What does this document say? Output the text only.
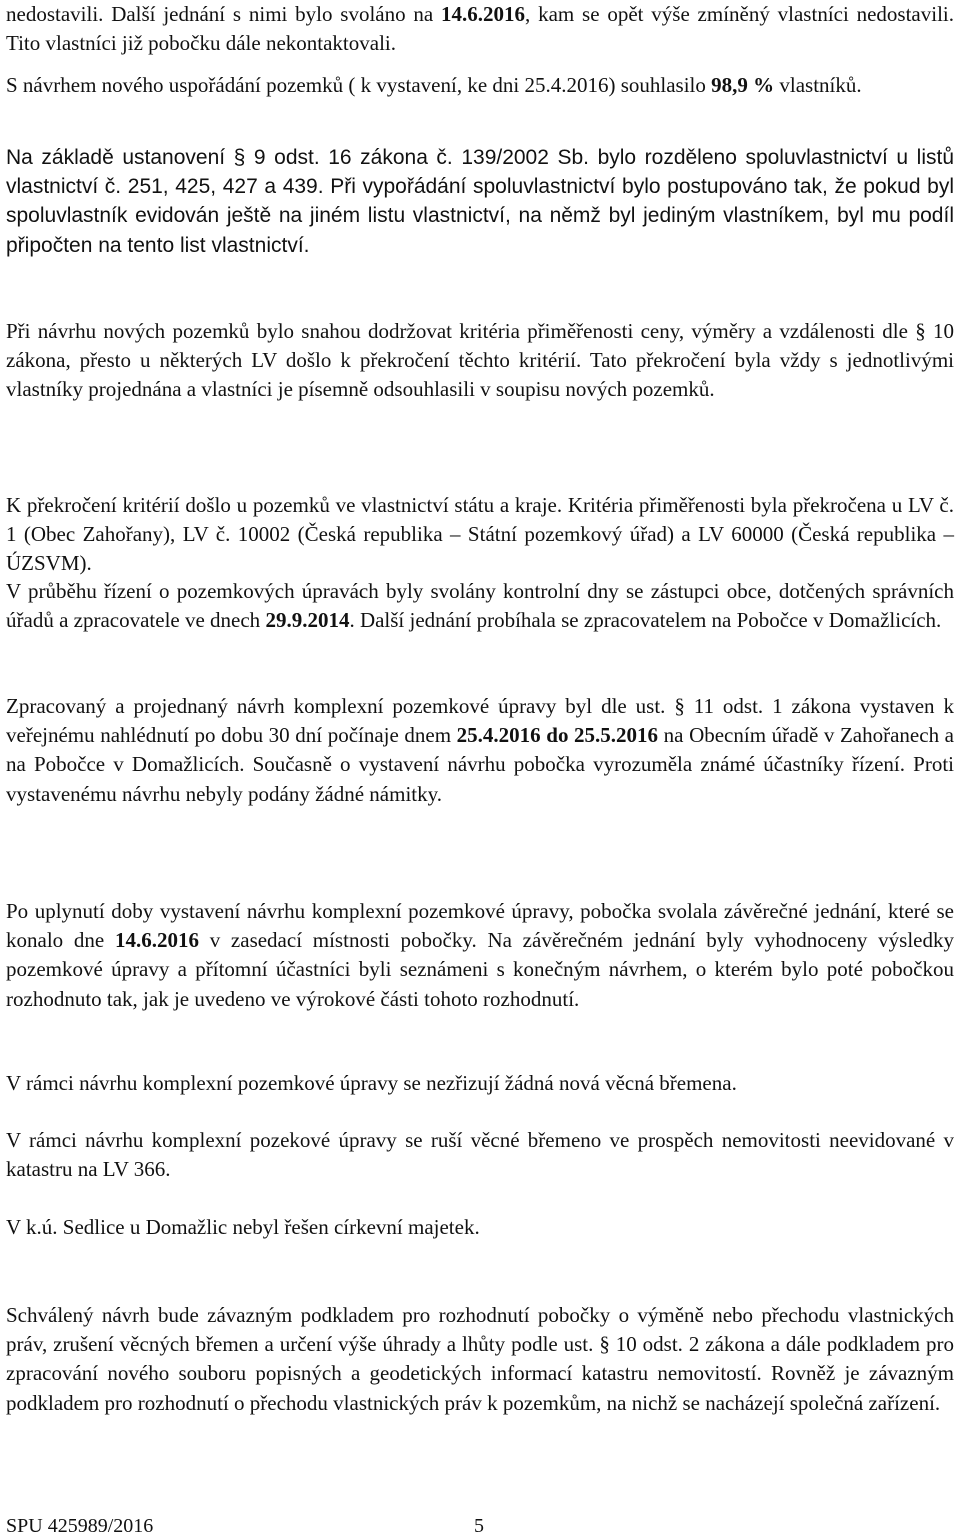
nedostavili. Další jednání s nimi bylo svoláno na 14.6.2016, kam se opět výše zmíněný vlastníci nedostavili. Tito vlastníci již pobočku dále nekontaktovali.

S návrhem nového uspořádání pozemků ( k vystavení, ke dni 25.4.2016) souhlasilo 98,9 % vlastníků.

Na základě ustanovení § 9 odst. 16 zákona č. 139/2002 Sb. bylo rozděleno spoluvlastnictví u listů vlastnictví č. 251, 425, 427 a 439. Při vypořádání spoluvlastnictví bylo postupováno tak, že pokud byl spoluvlastník evidován ještě na jiném listu vlastnictví, na němž byl jediným vlastníkem, byl mu podíl připočten na tento list vlastnictví.

Při návrhu nových pozemků bylo snahou dodržovat kritéria přiměřenosti ceny, výměry a vzdálenosti dle § 10 zákona, přesto u některých LV došlo k překročení těchto kritérií. Tato překročení byla vždy s jednotlivými vlastníky projednána a vlastníci je písemně odsouhlasili v soupisu nových pozemků.

K překročení kritérií došlo u pozemků ve vlastnictví státu a kraje. Kritéria přiměřenosti byla překročena u LV č. 1 (Obec Zahořany), LV č. 10002 (Česká republika – Státní pozemkový úřad) a LV 60000 (Česká republika – ÚZSVM).

V průběhu řízení o pozemkových úpravách byly svolány kontrolní dny se zástupci obce, dotčených správních úřadů a zpracovatele ve dnech 29.9.2014. Další jednání probíhala se zpracovatelem na Pobočce v Domažlicích.

Zpracovaný a projednaný návrh komplexní pozemkové úpravy byl dle ust. § 11 odst. 1 zákona vystaven k veřejnému nahlédnutí po dobu 30 dní počínaje dnem 25.4.2016 do 25.5.2016 na Obecním úřadě v Zahořanech a na Pobočce v Domažlicích. Současně o vystavení návrhu pobočka vyrozuměla známé účastníky řízení. Proti vystavenému návrhu nebyly podány žádné námitky.

Po uplynutí doby vystavení návrhu komplexní pozemkové úpravy, pobočka svolala závěrečné jednání, které se konalo dne 14.6.2016 v zasedací místnosti pobočky. Na závěrečném jednání byly vyhodnoceny výsledky pozemkové úpravy a přítomní účastníci byli seznámeni s konečným návrhem, o kterém bylo poté pobočkou rozhodnuto tak, jak je uvedeno ve výrokové části tohoto rozhodnutí.

V rámci návrhu komplexní pozemkové úpravy se nezřizují žádná nová věcná břemena.

V rámci návrhu komplexní pozekové úpravy se ruší věcné břemeno ve prospěch nemovitosti neevidované v katastru na LV 366.

V k.ú. Sedlice u Domažlic nebyl řešen církevní majetek.

Schválený návrh bude závazným podkladem pro rozhodnutí pobočky o výměně nebo přechodu vlastnických práv, zrušení věcných břemen a určení výše úhrady a lhůty podle ust. § 10 odst. 2 zákona a dále podkladem pro zpracování nového souboru popisných a geodetických informací katastru nemovitostí. Rovněž je závazným podkladem pro rozhodnutí o přechodu vlastnických práv k pozemkům, na nichž se nacházejí společná zařízení.

SPU 425989/2016	5
